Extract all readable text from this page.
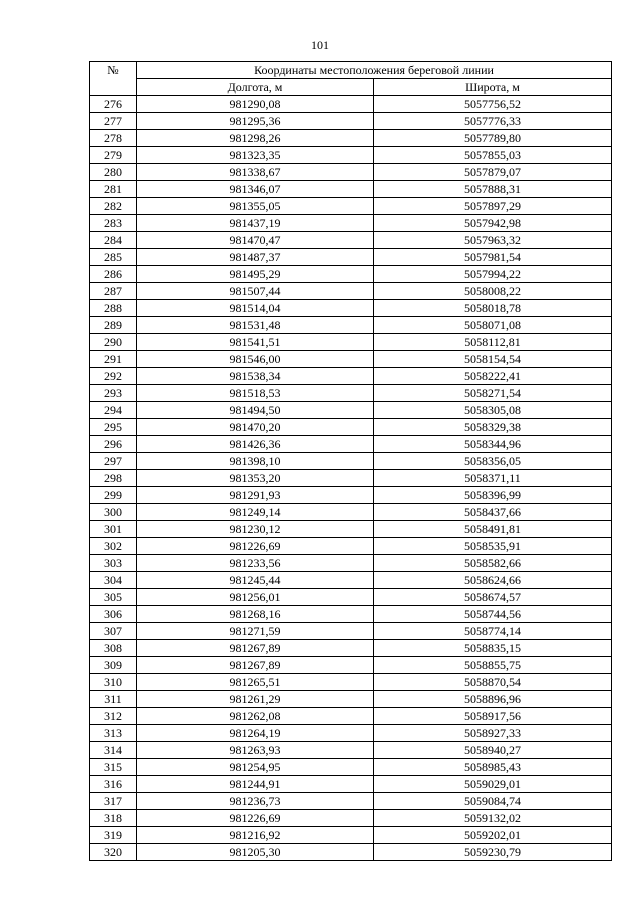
101
№	Координаты местоположения береговой линии	
	Долгота, м	Широта, м
276	981290,08	5057756,52
277	981295,36	5057776,33
278	981298,26	5057789,80
279	981323,35	5057855,03
280	981338,67	5057879,07
281	981346,07	5057888,31
282	981355,05	5057897,29
283	981437,19	5057942,98
284	981470,47	5057963,32
285	981487,37	5057981,54
286	981495,29	5057994,22
287	981507,44	5058008,22
288	981514,04	5058018,78
289	981531,48	5058071,08
290	981541,51	5058112,81
291	981546,00	5058154,54
292	981538,34	5058222,41
293	981518,53	5058271,54
294	981494,50	5058305,08
295	981470,20	5058329,38
296	981426,36	5058344,96
297	981398,10	5058356,05
298	981353,20	5058371,11
299	981291,93	5058396,99
300	981249,14	5058437,66
301	981230,12	5058491,81
302	981226,69	5058535,91
303	981233,56	5058582,66
304	981245,44	5058624,66
305	981256,01	5058674,57
306	981268,16	5058744,56
307	981271,59	5058774,14
308	981267,89	5058835,15
309	981267,89	5058855,75
310	981265,51	5058870,54
311	981261,29	5058896,96
312	981262,08	5058917,56
313	981264,19	5058927,33
314	981263,93	5058940,27
315	981254,95	5058985,43
316	981244,91	5059029,01
317	981236,73	5059084,74
318	981226,69	5059132,02
319	981216,92	5059202,01
320	981205,30	5059230,79
